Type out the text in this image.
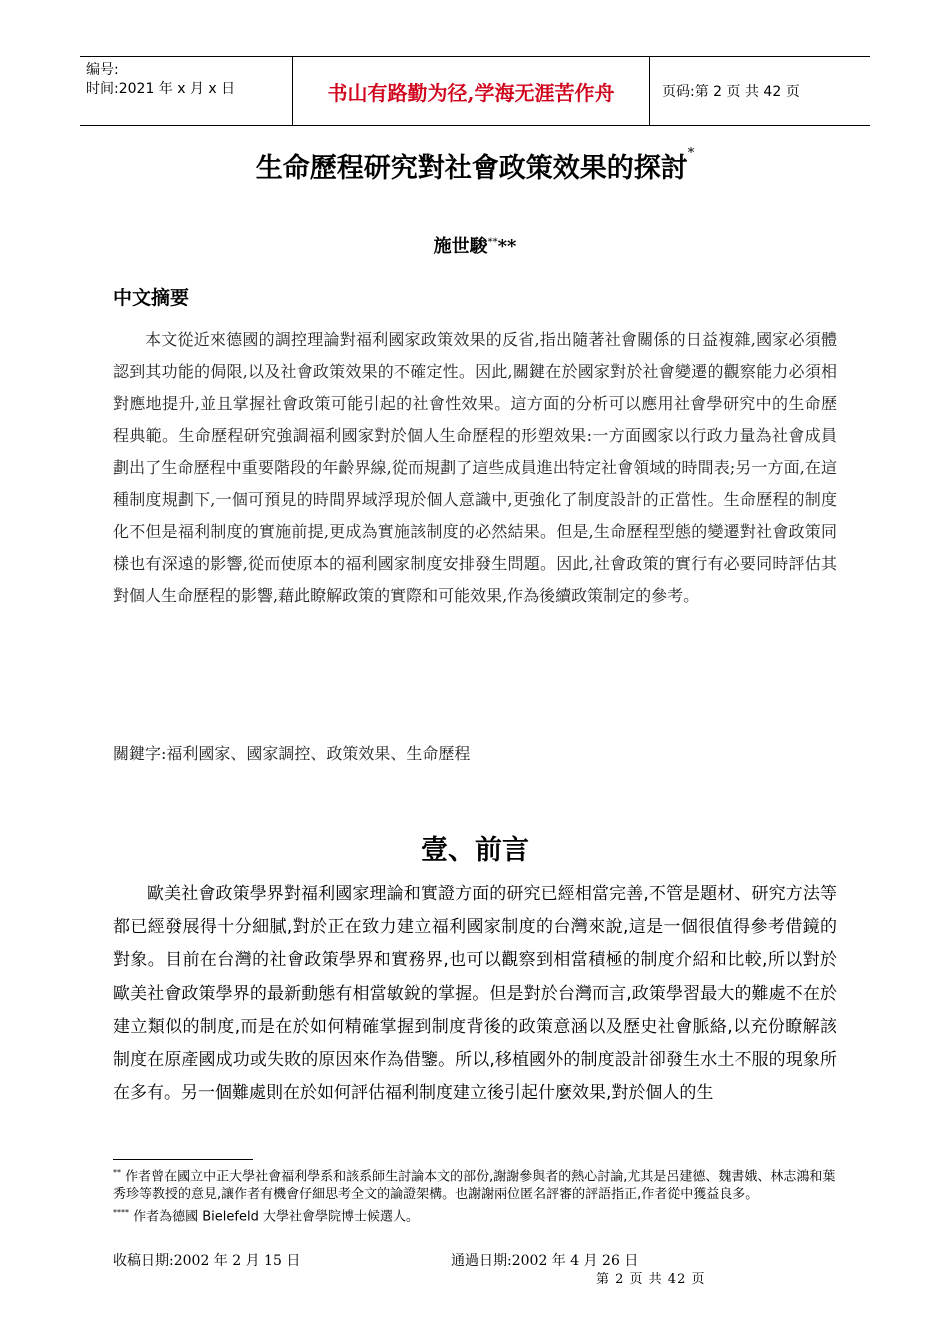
编号:
时间:2021 年 x 月 x 日	书山有路勤为径,学海无涯苦作舟	页码:第 2 页 共 42 页
生命歷程研究對社會政策效果的探討*
施世駿****
中文摘要
本文從近來德國的調控理論對福利國家政策效果的反省,指出隨著社會關係的日益複雜,國家必須體認到其功能的侷限,以及社會政策效果的不確定性。因此,關鍵在於國家對於社會變遷的觀察能力必須相對應地提升,並且掌握社會政策可能引起的社會性效果。這方面的分析可以應用社會學研究中的生命歷程典範。生命歷程研究強調福利國家對於個人生命歷程的形塑效果:一方面國家以行政力量為社會成員劃出了生命歷程中重要階段的年齡界線,從而規劃了這些成員進出特定社會領域的時間表;另一方面,在這種制度規劃下,一個可預見的時間界域浮現於個人意識中,更強化了制度設計的正當性。生命歷程的制度化不但是福利制度的實施前提,更成為實施該制度的必然結果。但是,生命歷程型態的變遷對社會政策同樣也有深遠的影響,從而使原本的福利國家制度安排發生問題。因此,社會政策的實行有必要同時評估其對個人生命歷程的影響,藉此瞭解政策的實際和可能效果,作為後續政策制定的參考。
關鍵字:福利國家、國家調控、政策效果、生命歷程
壹、前言
歐美社會政策學界對福利國家理論和實證方面的研究已經相當完善,不管是題材、研究方法等都已經發展得十分細膩,對於正在致力建立福利國家制度的台灣來說,這是一個很值得參考借鏡的對象。目前在台灣的社會政策學界和實務界,也可以觀察到相當積極的制度介紹和比較,所以對於歐美社會政策學界的最新動態有相當敏銳的掌握。但是對於台灣而言,政策學習最大的難處不在於建立類似的制度,而是在於如何精確掌握到制度背後的政策意涵以及歷史社會脈絡,以充份瞭解該制度在原產國成功或失敗的原因來作為借鑒。所以,移植國外的制度設計卻發生水土不服的現象所在多有。另一個難處則在於如何評估福利制度建立後引起什麼效果,對於個人的生

** 作者曾在國立中正大學社會福利學系和該系師生討論本文的部份,謝謝參與者的熱心討論,尤其是呂建德、魏書娥、林志鴻和葉秀珍等教授的意見,讓作者有機會仔細思考全文的論證架構。也謝謝兩位匿名評審的評語指正,作者從中獲益良多。

**** 作者為德國 Bielefeld 大學社會學院博士候選人。

收稿日期:2002 年 2 月 15 日	通過日期:2002 年 4 月 26 日
第 2 页 共 42 页
